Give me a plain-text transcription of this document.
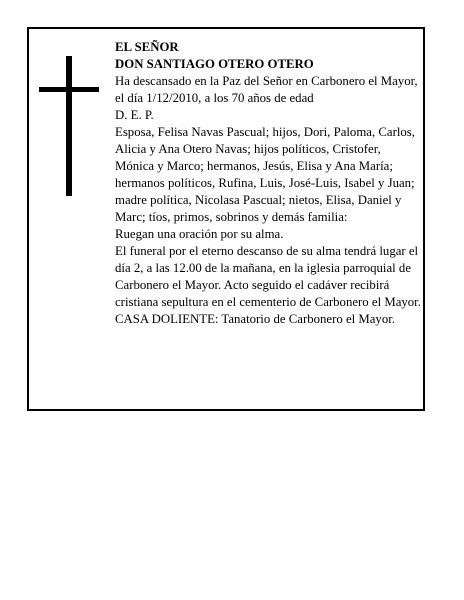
EL SEÑOR

DON SANTIAGO OTERO OTERO

Ha descansado en la Paz del Señor en Carbonero el Mayor, el día 1/12/2010, a los 70 años de edad

D. E. P.

Esposa, Felisa Navas Pascual; hijos, Dori, Paloma, Carlos, Alicia y Ana Otero Navas; hijos políticos, Cristofer, Mónica y Marco; hermanos, Jesús, Elisa y Ana María; hermanos políticos, Rufina, Luis, José-Luis, Isabel y Juan; madre política, Nicolasa Pascual; nietos, Elisa, Daniel y Marc; tíos, primos, sobrinos y demás familia:

Ruegan una oración por su alma.

El funeral por el eterno descanso de su alma tendrá lugar el día 2, a las 12.00 de la mañana, en la iglesia parroquial de Carbonero el Mayor. Acto seguido el cadáver recibirá cristiana sepultura en el cementerio de Carbonero el Mayor.

CASA DOLIENTE: Tanatorio de Carbonero el Mayor.
